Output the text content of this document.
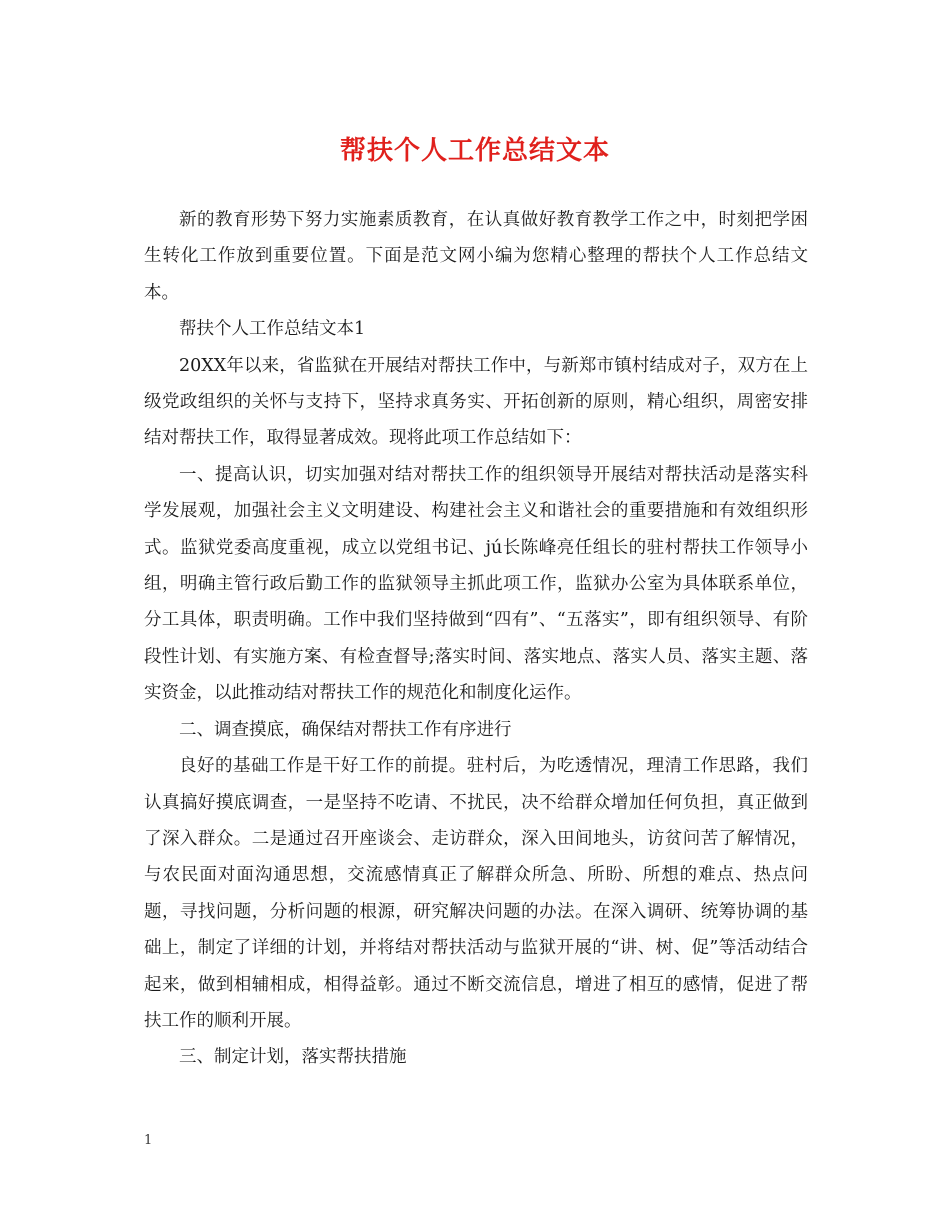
帮扶个人工作总结文本

新的教育形势下努力实施素质教育，在认真做好教育教学工作之中，时刻把学困生转化工作放到重要位置。下面是范文网小编为您精心整理的帮扶个人工作总结文本。

帮扶个人工作总结文本1

20XX年以来，省监狱在开展结对帮扶工作中，与新郑市镇村结成对子，双方在上级党政组织的关怀与支持下，坚持求真务实、开拓创新的原则，精心组织，周密安排结对帮扶工作，取得显著成效。现将此项工作总结如下：

一、提高认识，切实加强对结对帮扶工作的组织领导开展结对帮扶活动是落实科学发展观，加强社会主义文明建设、构建社会主义和谐社会的重要措施和有效组织形式。监狱党委高度重视，成立以党组书记、jú长陈峰亮任组长的驻村帮扶工作领导小组，明确主管行政后勤工作的监狱领导主抓此项工作，监狱办公室为具体联系单位，分工具体，职责明确。工作中我们坚持做到“四有”、“五落实”，即有组织领导、有阶段性计划、有实施方案、有检查督导;落实时间、落实地点、落实人员、落实主题、落实资金，以此推动结对帮扶工作的规范化和制度化运作。

二、调查摸底，确保结对帮扶工作有序进行

良好的基础工作是干好工作的前提。驻村后，为吃透情况，理清工作思路，我们认真搞好摸底调查，一是坚持不吃请、不扰民，决不给群众增加任何负担，真正做到了深入群众。二是通过召开座谈会、走访群众，深入田间地头，访贫问苦了解情况，与农民面对面沟通思想，交流感情真正了解群众所急、所盼、所想的难点、热点问题，寻找问题，分析问题的根源，研究解决问题的办法。在深入调研、统筹协调的基础上，制定了详细的计划，并将结对帮扶活动与监狱开展的“讲、树、促”等活动结合起来，做到相辅相成，相得益彰。通过不断交流信息，增进了相互的感情，促进了帮扶工作的顺利开展。

三、制定计划，落实帮扶措施

1
